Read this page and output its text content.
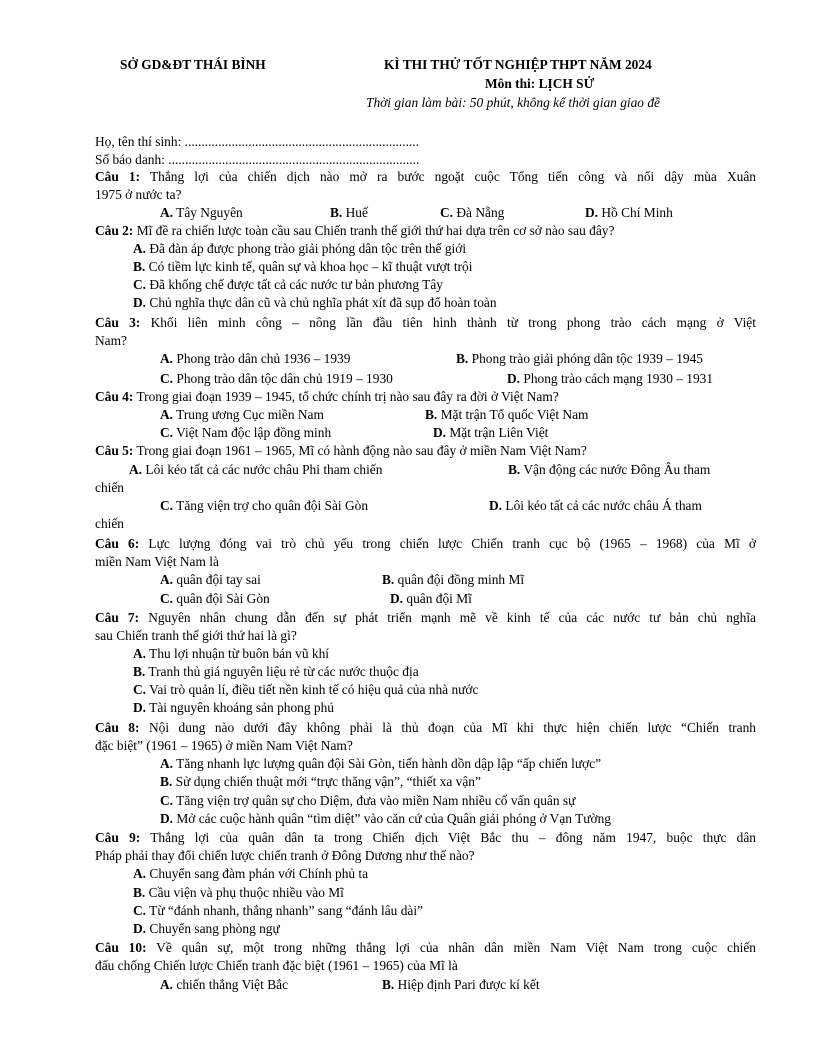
SỞ GD&ĐT THÁI BÌNH	KÌ THI THỬ TỐT NGHIỆP THPT NĂM 2024
Môn thi: LỊCH SỬ
Thời gian làm bài: 50 phút, không kể thời gian giao đề
Họ, tên thí sinh: ......................................................................
Số báo danh: ...........................................................................
Câu 1: Thắng lợi của chiến dịch nào mở ra bước ngoặt cuộc Tổng tiến công và nổi dậy mùa Xuân
1975 ở nước ta?
A. Tây Nguyên	B. Huế	C. Đà Nẵng	D. Hồ Chí Minh
Câu 2: Mĩ đề ra chiến lược toàn cầu sau Chiến tranh thế giới thứ hai dựa trên cơ sở nào sau đây?
A. Đã đàn áp được phong trào giải phóng dân tộc trên thế giới
B. Có tiềm lực kinh tế, quân sự và khoa học – kĩ thuật vượt trội
C. Đã khống chế được tất cả các nước tư bản phương Tây
D. Chủ nghĩa thực dân cũ và chủ nghĩa phát xít đã sụp đổ hoàn toàn
Câu 3: Khối liên minh công – nông lần đầu tiên hình thành từ trong phong trào cách mạng ở Việt
Nam?
A. Phong trào dân chủ 1936 – 1939	B. Phong trào giải phóng dân tộc 1939 – 1945
C. Phong trào dân tộc dân chủ 1919 – 1930	D. Phong trào cách mạng 1930 – 1931
Câu 4: Trong giai đoạn 1939 – 1945, tổ chức chính trị nào sau đây ra đời ở Việt Nam?
A. Trung ương Cục miền Nam	B. Mặt trận Tổ quốc Việt Nam
C. Việt Nam độc lập đồng minh	D. Mặt trận Liên Việt
Câu 5: Trong giai đoạn 1961 – 1965, Mĩ có hành động nào sau đây ở miền Nam Việt Nam?
A. Lôi kéo tất cả các nước châu Phi tham chiến	B. Vận động các nước Đông Âu tham
chiến
C. Tăng viện trợ cho quân đội Sài Gòn	D. Lôi kéo tất cả các nước châu Á tham
chiến
Câu 6: Lực lượng đóng vai trò chủ yếu trong chiến lược Chiến tranh cục bộ (1965 – 1968) của Mĩ ở
miền Nam Việt Nam là
A. quân đội tay sai	B. quân đội đồng minh Mĩ
C. quân đội Sài Gòn	D. quân đội Mĩ
Câu 7: Nguyên nhân chung dẫn đến sự phát triển mạnh mẽ về kinh tế của các nước tư bản chủ nghĩa
sau Chiến tranh thế giới thứ hai là gì?
A. Thu lợi nhuận từ buôn bán vũ khí
B. Tranh thủ giá nguyên liệu rẻ từ các nước thuộc địa
C. Vai trò quản lí, điều tiết nền kinh tế có hiệu quả của nhà nước
D. Tài nguyên khoáng sản phong phú
Câu 8: Nội dung nào dưới đây không phải là thủ đoạn của Mĩ khi thực hiện chiến lược “Chiến tranh
đặc biệt” (1961 – 1965) ở miền Nam Việt Nam?
A. Tăng nhanh lực lượng quân đội Sài Gòn, tiến hành dồn dập lập “ấp chiến lược”
B. Sử dụng chiến thuật mới “trực thăng vận”, “thiết xa vận”
C. Tăng viện trợ quân sự cho Diệm, đưa vào miền Nam nhiều cố vấn quân sự
D. Mở các cuộc hành quân “tìm diệt” vào căn cứ của Quân giải phóng ở Vạn Tường
Câu 9: Thắng lợi của quân dân ta trong Chiến dịch Việt Bắc thu – đông năm 1947, buộc thực dân
Pháp phải thay đổi chiến lược chiến tranh ở Đông Dương như thế nào?
A. Chuyển sang đàm phán với Chính phủ ta
B. Cầu viện và phụ thuộc nhiều vào Mĩ
C. Từ “đánh nhanh, thắng nhanh” sang “đánh lâu dài”
D. Chuyển sang phòng ngự
Câu 10: Về quân sự, một trong những thắng lợi của nhân dân miền Nam Việt Nam trong cuộc chiến
đấu chống Chiến lược Chiến tranh đặc biệt (1961 – 1965) của Mĩ là
A. chiến thắng Việt Bắc	B. Hiệp định Pari được kí kết
